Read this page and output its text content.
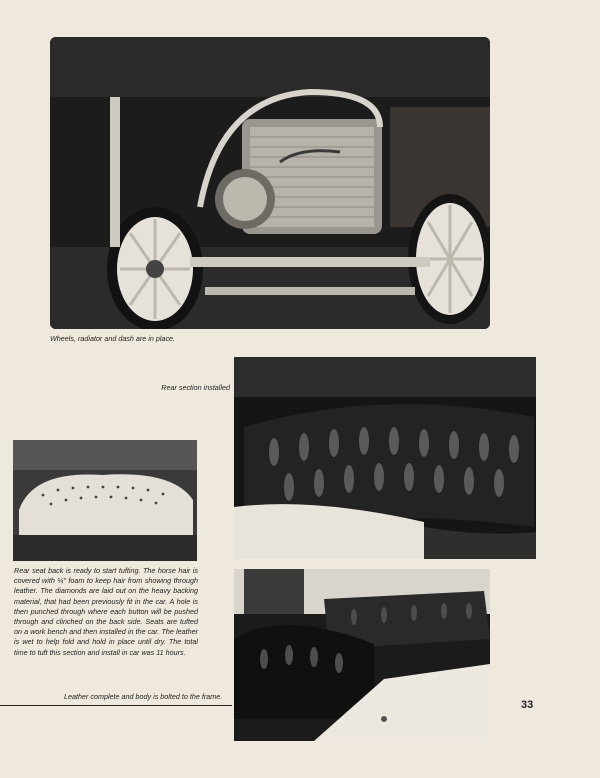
Wheels, radiator and dash are in place.
Rear section installed
Rear seat back is ready to start tufting. The horse hair is covered with ¼" foam to keep hair from showing through leather. The diamonds are laid out on the heavy backing material, that had been previously fit in the car. A hole is then punched through where each button will be pushed through and clinched on the back side. Seats are tufted on a work bench and then installed in the car. The leather is wet to help fold and hold in place until dry. The total time to tuft this section and install in car was 11 hours.
Leather complete and body is bolted to the frame.
33
